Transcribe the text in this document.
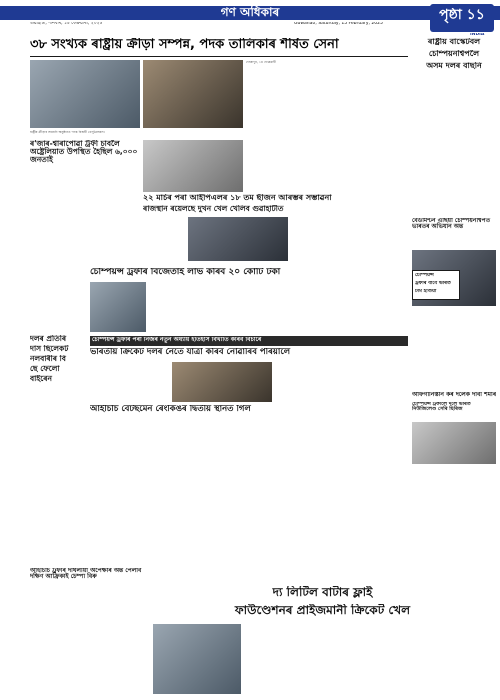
গণ অধিকাৰ
গুৱাহাটী, শনিবাৰ, ১৫ ফেব্ৰুৱাৰী, ২০২৫	Guwahati, Saturday, 15 February, 2025
পৃষ্ঠা ১১
INDIA
৩৮ সংখ্যক ৰাষ্ট্ৰীয় ক্ৰীড়া সম্পন্ন, পদক তালিকাৰ শীৰ্ষত সেনা
ৰাষ্ট্ৰীয় ক্ৰীড়াৰ সামৰণি অনুষ্ঠানত পদক বিজয়ী খেলুৱৈসকল।
দেহৰাদুন, ১৪ ফেব্ৰুৱাৰী
ৰ'জাৰ-শ্বাৰাপোৱা ট্ৰফী চাবলৈ অষ্ট্ৰেলিয়াত উপস্থিত হৈছিল ৬,০০০ জনতাই
২২ মাৰ্চৰ পৰা আইপিএলৰ ১৮ তম ছীজন আৰম্ভৰ সম্ভাৱনা
ৰাজস্থান ৰয়েলছে দুখন খেল খেলিব গুৱাহাটীত
চেম্পিয়ন্স ট্ৰফীৰ বিজেতাই লাভ কৰিব ২০ কোটি টকা
চেম্পিয়ন্স ট্ৰফীৰ পৰা নিজৰ নতুন অধ্যায় ইতিহাস বিখ্যাত কৰিব বিচাৰে
ভাৰতীয় ক্ৰিকেট দলৰ নৈতে যাত্ৰা কৰিব নোৱাৰিব পৰিয়ালে
আইচিচি বেটছমেন ৰেংকিঙৰ দ্বিতীয় স্থানত গিল
দলৰ প্ৰতিৰি
দাস ছিলেকট
নলবাৰীৰ বি
ছে ফেলো
বাইৰেন
আইচিচি ট্ৰফীৰ দীঘলীয়া অপেক্ষাৰ অন্ত পেলাব দক্ষিণ আফ্ৰিকাই চেম্পা বিৰু
দ্য লিটিল বাটাৰ ফ্লাই
ফাউণ্ডেশনৰ প্ৰাইজমানী ক্ৰিকেট খেল
ৰাষ্ট্ৰীয় বাস্কেটবল
চেম্পিয়নশ্বিপলৈ
অসম দলৰ বাছনি
বেডমিন্টন এছিয়া চেম্পিয়নশ্বিপত ভাৰতৰ অভিযান অন্ত
চেম্পিয়ন্স
ট্ৰফীৰ বাবে ভাৰত
টীম ইণ্ডিয়া
আফগানিস্তান কৰ দলেক দাবী শৰ্মাৰ
চেম্পিয়ন্স ট্ৰফীলৈ দলে ভাৰত নিউজিলেণ্ড সেৰি ছিৰিজ
